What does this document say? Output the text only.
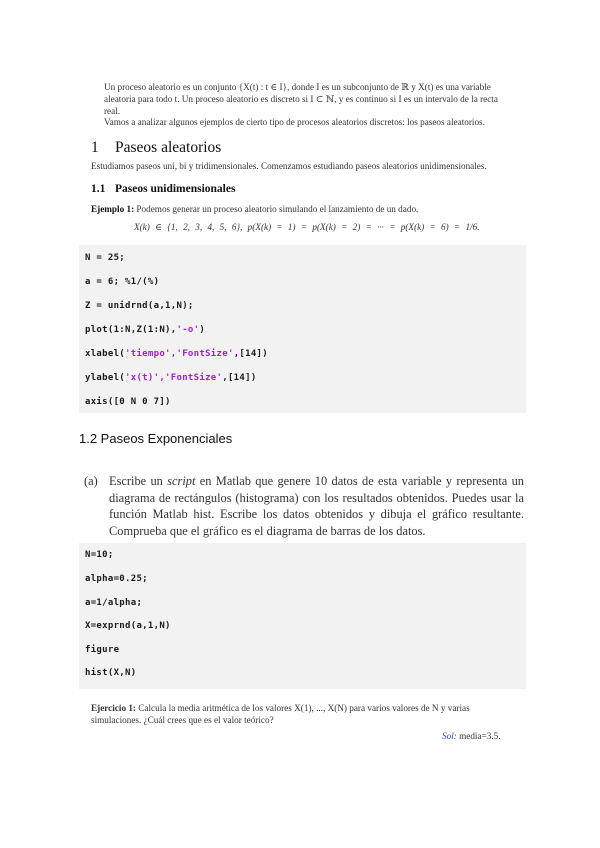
Un proceso aleatorio es un conjunto {X(t) : t ∈ I}, donde I es un subconjunto de ℝ y X(t) es una variable aleatoria para todo t. Un proceso aleatorio es discreto si I ⊂ ℕ, y es continuo si I es un intervalo de la recta real.
Vamos a analizar algunos ejemplos de cierto tipo de procesos aleatorios discretos: los paseos aleatorios.
1 Paseos aleatorios
Estudiamos paseos uni, bi y tridimensionales. Comenzamos estudiando paseos aleatorios unidimensionales.
1.1 Paseos unidimensionales
Ejemplo 1: Podemos generar un proceso aleatorio simulando el lanzamiento de un dado.
X(k) ∈ {1, 2, 3, 4, 5, 6}, p(X(k) = 1) = p(X(k) = 2) = ··· = p(X(k) = 6) = 1/6.
N = 25;
a = 6; %1/(%)
Z = unidrnd(a,1,N);
plot(1:N,Z(1:N),'-o')
xlabel('tiempo','FontSize',[14])
ylabel('x(t)','FontSize',[14])
axis([0 N 0 7])
1.2 Paseos Exponenciales
(a) Escribe un script en Matlab que genere 10 datos de esta variable y representa un diagrama de rectángulos (histograma) con los resultados obtenidos. Puedes usar la función Matlab hist. Escribe los datos obtenidos y dibuja el gráfico resultante. Comprueba que el gráfico es el diagrama de barras de los datos.
N=10;
alpha=0.25;
a=1/alpha;
X=exprnd(a,1,N)
figure
hist(X,N)
Ejercicio 1: Calcula la media aritmética de los valores X(1), ..., X(N) para varios valores de N y varias simulaciones. ¿Cuál crees que es el valor teórico?
Sol: media=3.5.
